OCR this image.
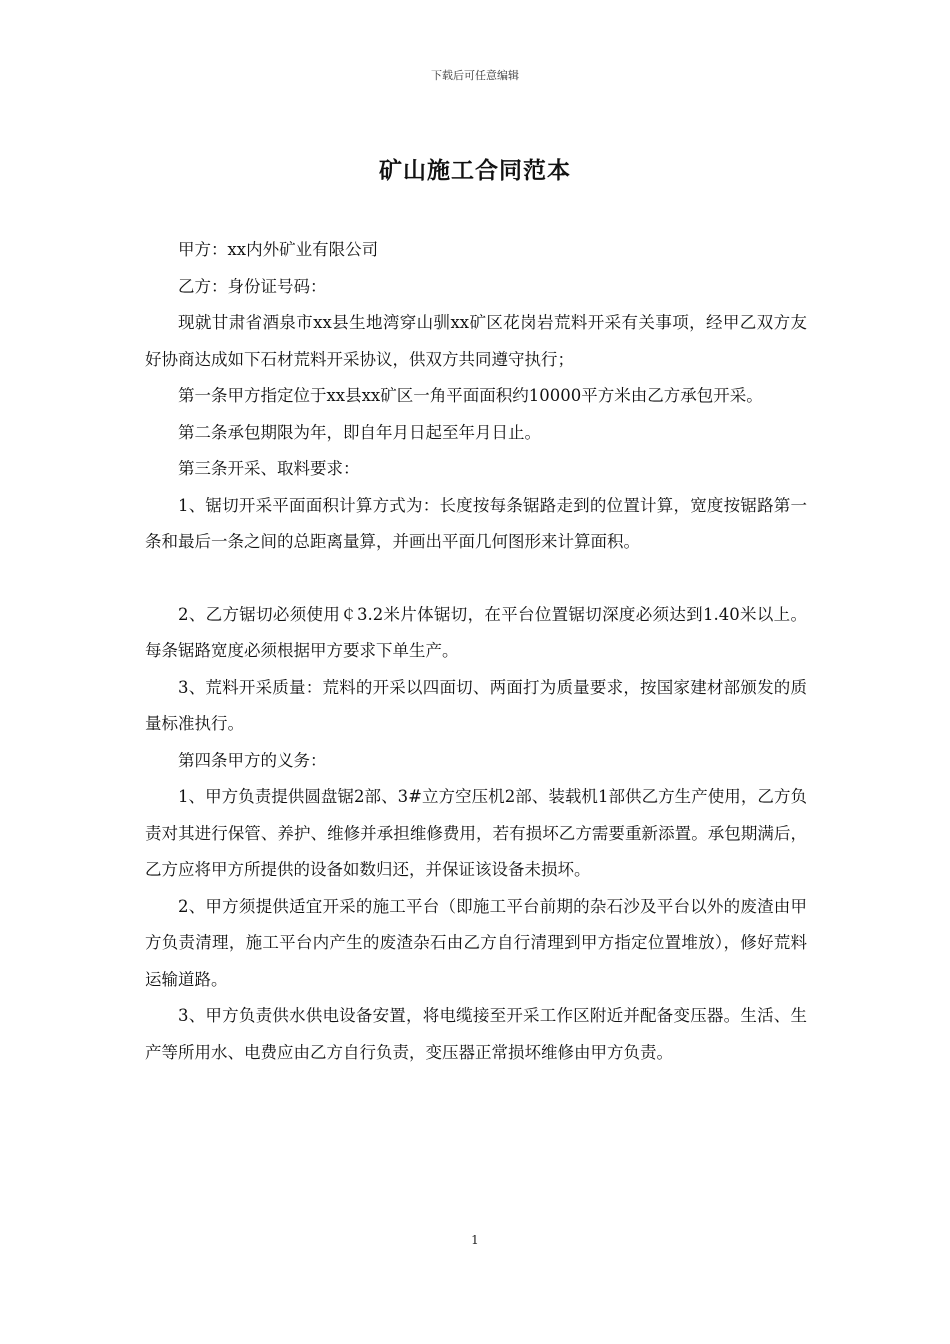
下载后可任意编辑
矿山施工合同范本

甲方：xx内外矿业有限公司

乙方：身份证号码：

现就甘肃省酒泉市xx县生地湾穿山驯xx矿区花岗岩荒料开采有关事项，经甲乙双方友好协商达成如下石材荒料开采协议，供双方共同遵守执行；

第一条甲方指定位于xx县xx矿区一角平面面积约10000平方米由乙方承包开采。

第二条承包期限为年，即自年月日起至年月日止。

第三条开采、取料要求：

1、锯切开采平面面积计算方式为：长度按每条锯路走到的位置计算，宽度按锯路第一条和最后一条之间的总距离量算，并画出平面几何图形来计算面积。

2、乙方锯切必须使用￠3.2米片体锯切，在平台位置锯切深度必须达到1.40米以上。每条锯路宽度必须根据甲方要求下单生产。

3、荒料开采质量：荒料的开采以四面切、两面打为质量要求，按国家建材部颁发的质量标准执行。

第四条甲方的义务：

1、甲方负责提供圆盘锯2部、3#立方空压机2部、装载机1部供乙方生产使用，乙方负责对其进行保管、养护、维修并承担维修费用，若有损坏乙方需要重新添置。承包期满后，乙方应将甲方所提供的设备如数归还，并保证该设备未损坏。

2、甲方须提供适宜开采的施工平台（即施工平台前期的杂石沙及平台以外的废渣由甲方负责清理，施工平台内产生的废渣杂石由乙方自行清理到甲方指定位置堆放），修好荒料运输道路。

3、甲方负责供水供电设备安置，将电缆接至开采工作区附近并配备变压器。生活、生产等所用水、电费应由乙方自行负责，变压器正常损坏维修由甲方负责。

1
